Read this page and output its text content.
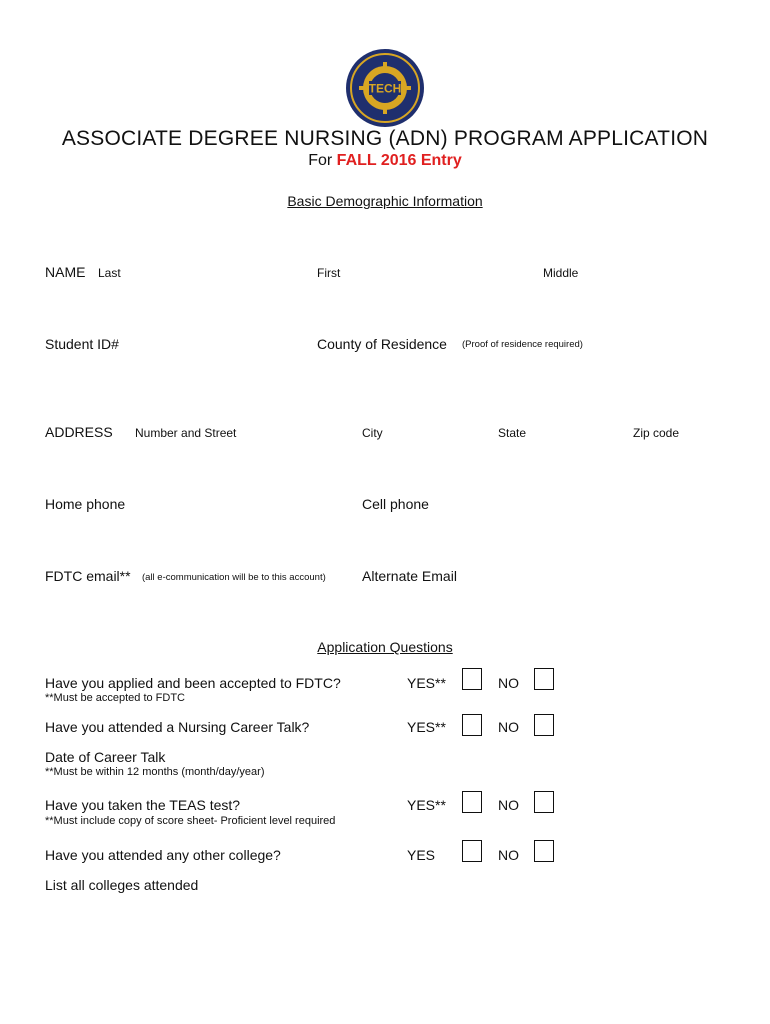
TECH
ASSOCIATE DEGREE NURSING (ADN) PROGRAM APPLICATION
For FALL 2016 Entry
Basic Demographic Information
NAME Last	First	Middle
Student ID#	County of Residence (Proof of residence required)
ADDRESS Number and Street	City	State	Zip code
Home phone	Cell phone
FDTC email** (all e-communication will be to this account)	Alternate Email
Application Questions
Have you applied and been accepted to FDTC?
**Must be accepted to FDTC
YES**	NO
Have you attended a Nursing Career Talk?	YES**	NO
Date of Career Talk
**Must be within 12 months (month/day/year)
Have you taken the TEAS test?
**Must include copy of score sheet- Proficient level required
YES**	NO
Have you attended any other college?	YES	NO
List all colleges attended
